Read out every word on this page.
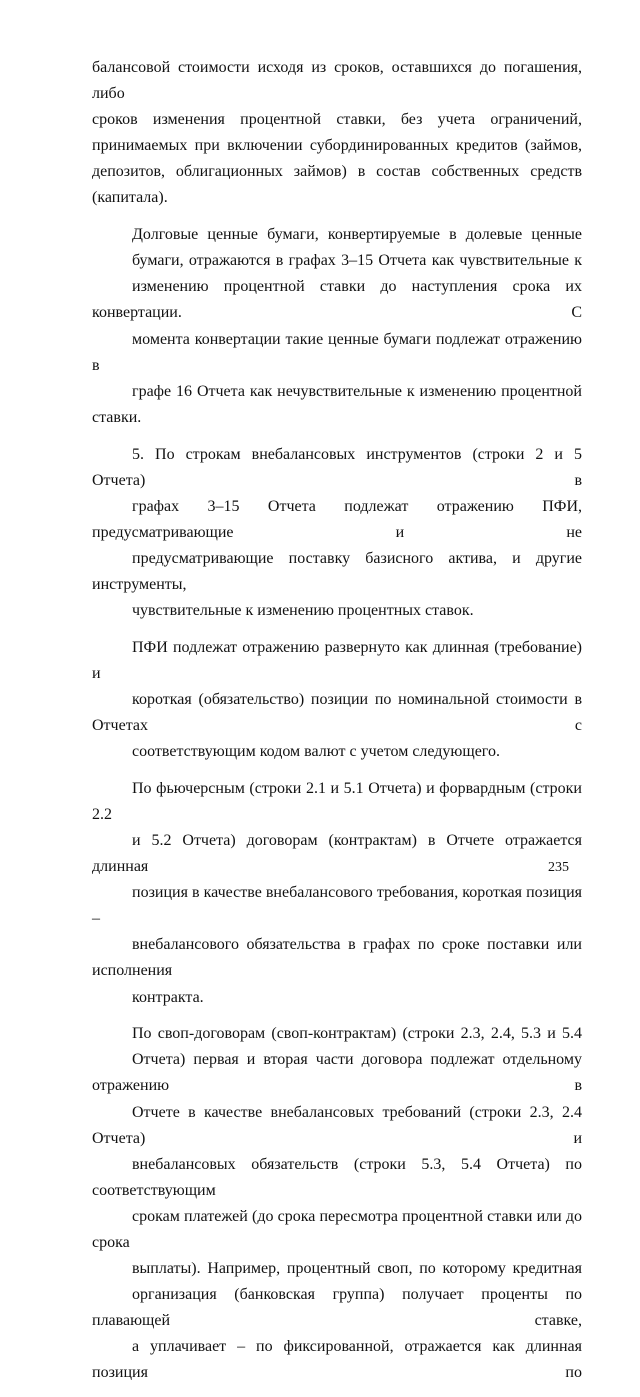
балансовой стоимости исходя из сроков, оставшихся до погашения, либо
сроков изменения процентной ставки, без учета ограничений,
принимаемых при включении субординированных кредитов (займов,
депозитов, облигационных займов) в состав собственных средств
(капитала).

Долговые ценные бумаги, конвертируемые в долевые ценные
бумаги, отражаются в графах 3–15 Отчета как чувствительные к
изменению процентной ставки до наступления срока их конвертации. С
момента конвертации такие ценные бумаги подлежат отражению в
графе 16 Отчета как нечувствительные к изменению процентной ставки.

5. По строкам внебалансовых инструментов (строки 2 и 5 Отчета) в
графах 3–15 Отчета подлежат отражению ПФИ, предусматривающие и не
предусматривающие поставку базисного актива, и другие инструменты,
чувствительные к изменению процентных ставок.

ПФИ подлежат отражению развернуто как длинная (требование) и
короткая (обязательство) позиции по номинальной стоимости в Отчетах с
соответствующим кодом валют с учетом следующего.

По фьючерсным (строки 2.1 и 5.1 Отчета) и форвардным (строки 2.2
и 5.2 Отчета) договорам (контрактам) в Отчете отражается длинная
позиция в качестве внебалансового требования, короткая позиция –
внебалансового обязательства в графах по сроке поставки или исполнения
контракта.

По своп-договорам (своп-контрактам) (строки 2.3, 2.4, 5.3 и 5.4
Отчета) первая и вторая части договора подлежат отдельному отражению в
Отчете в качестве внебалансовых требований (строки 2.3, 2.4 Отчета) и
внебалансовых обязательств (строки 5.3, 5.4 Отчета) по соответствующим
срокам платежей (до срока пересмотра процентной ставки или до срока
выплаты). Например, процентный своп, по которому кредитная
организация (банковская группа) получает проценты по плавающей ставке,
а уплачивает – по фиксированной, отражается как длинная позиция по

235
